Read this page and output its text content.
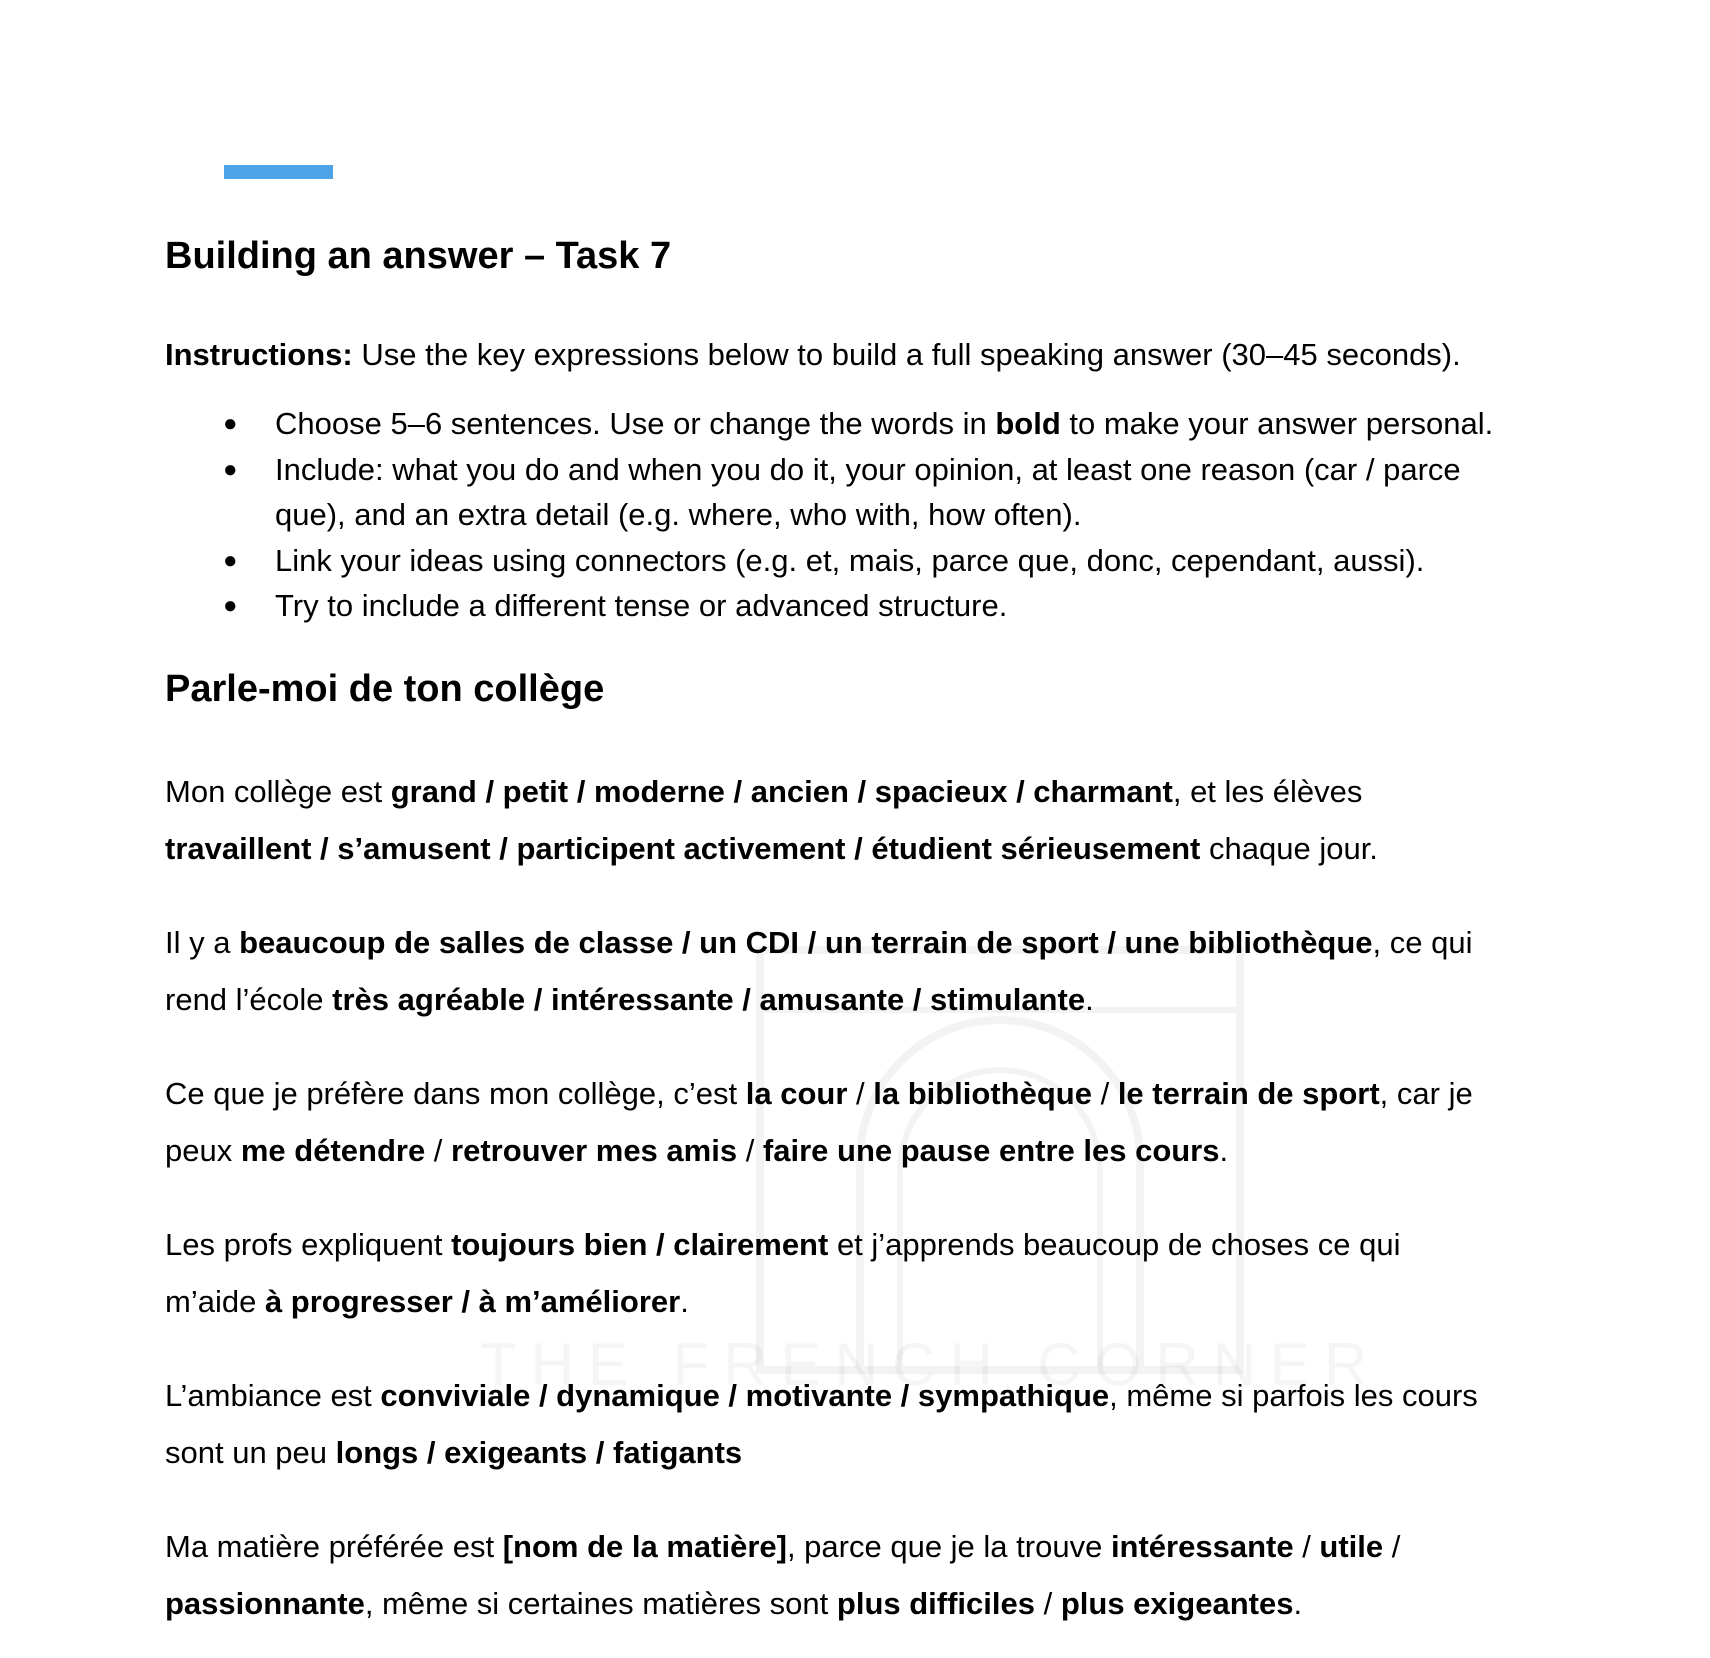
Building an answer – Task 7

Instructions: Use the key expressions below to build a full speaking answer (30–45 seconds).

● Choose 5–6 sentences. Use or change the words in bold to make your answer personal.
● Include: what you do and when you do it, your opinion, at least one reason (car / parce
que), and an extra detail (e.g. where, who with, how often).
● Link your ideas using connectors (e.g. et, mais, parce que, donc, cependant, aussi).
● Try to include a different tense or advanced structure.
Parle-moi de ton collège

Mon collège est grand / petit / moderne / ancien / spacieux / charmant, et les élèves
travaillent / s’amusent / participent activement / étudient sérieusement chaque jour.

Il y a beaucoup de salles de classe / un CDI / un terrain de sport / une bibliothèque, ce qui
rend l’école très agréable / intéressante / amusante / stimulante.

Ce que je préfère dans mon collège, c’est la cour / la bibliothèque / le terrain de sport, car je
peux me détendre / retrouver mes amis / faire une pause entre les cours.

Les profs expliquent toujours bien / clairement et j’apprends beaucoup de choses ce qui
m’aide à progresser / à m’améliorer.

L’ambiance est conviviale / dynamique / motivante / sympathique, même si parfois les cours
sont un peu longs / exigeants / fatigants

Ma matière préférée est [nom de la matière], parce que je la trouve intéressante / utile /
passionnante, même si certaines matières sont plus difficiles / plus exigeantes.
